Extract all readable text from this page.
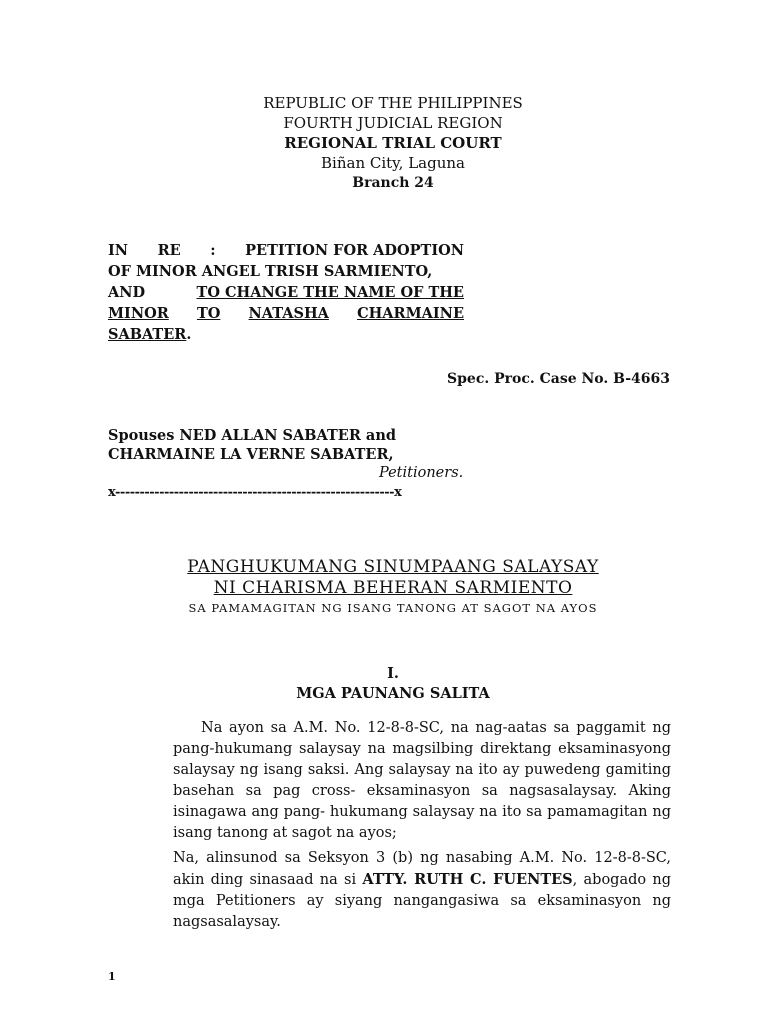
REPUBLIC OF THE PHILIPPINES
FOURTH JUDICIAL REGION
REGIONAL TRIAL COURT
Biñan City, Laguna
Branch 24
IN RE : PETITION FOR ADOPTION
OF MINOR ANGEL TRISH SARMIENTO,
AND	TO CHANGE THE NAME OF THE
MINOR TO NATASHA CHARMAINE
SABATER.
Spec. Proc. Case No. B-4663
Spouses NED ALLAN SABATER and
CHARMAINE LA VERNE SABATER,
Petitioners.
x---------------------------------------------------------x
PANGHUKUMANG SINUMPAANG SALAYSAY
NI CHARISMA BEHERAN SARMIENTO
SA PAMAMAGITAN NG ISANG TANONG AT SAGOT NA AYOS
I.
MGA PAUNANG SALITA

Na ayon sa A.M. No. 12-8-8-SC, na nag-aatas sa paggamit ng pang-hukumang salaysay na magsilbing direktang eksaminasyong salaysay ng isang saksi. Ang salaysay na ito ay puwedeng gamiting basehan sa pag cross- eksaminasyon sa nagsasalaysay. Aking isinagawa ang pang- hukumang salaysay na ito sa pamamagitan ng isang tanong at sagot na ayos;

Na, alinsunod sa Seksyon 3 (b) ng nasabing A.M. No. 12-8-8-SC, akin ding sinasaad na si ATTY. RUTH C. FUENTES, abogado ng mga Petitioners ay siyang nangangasiwa sa eksaminasyon ng nagsasalaysay.

1
